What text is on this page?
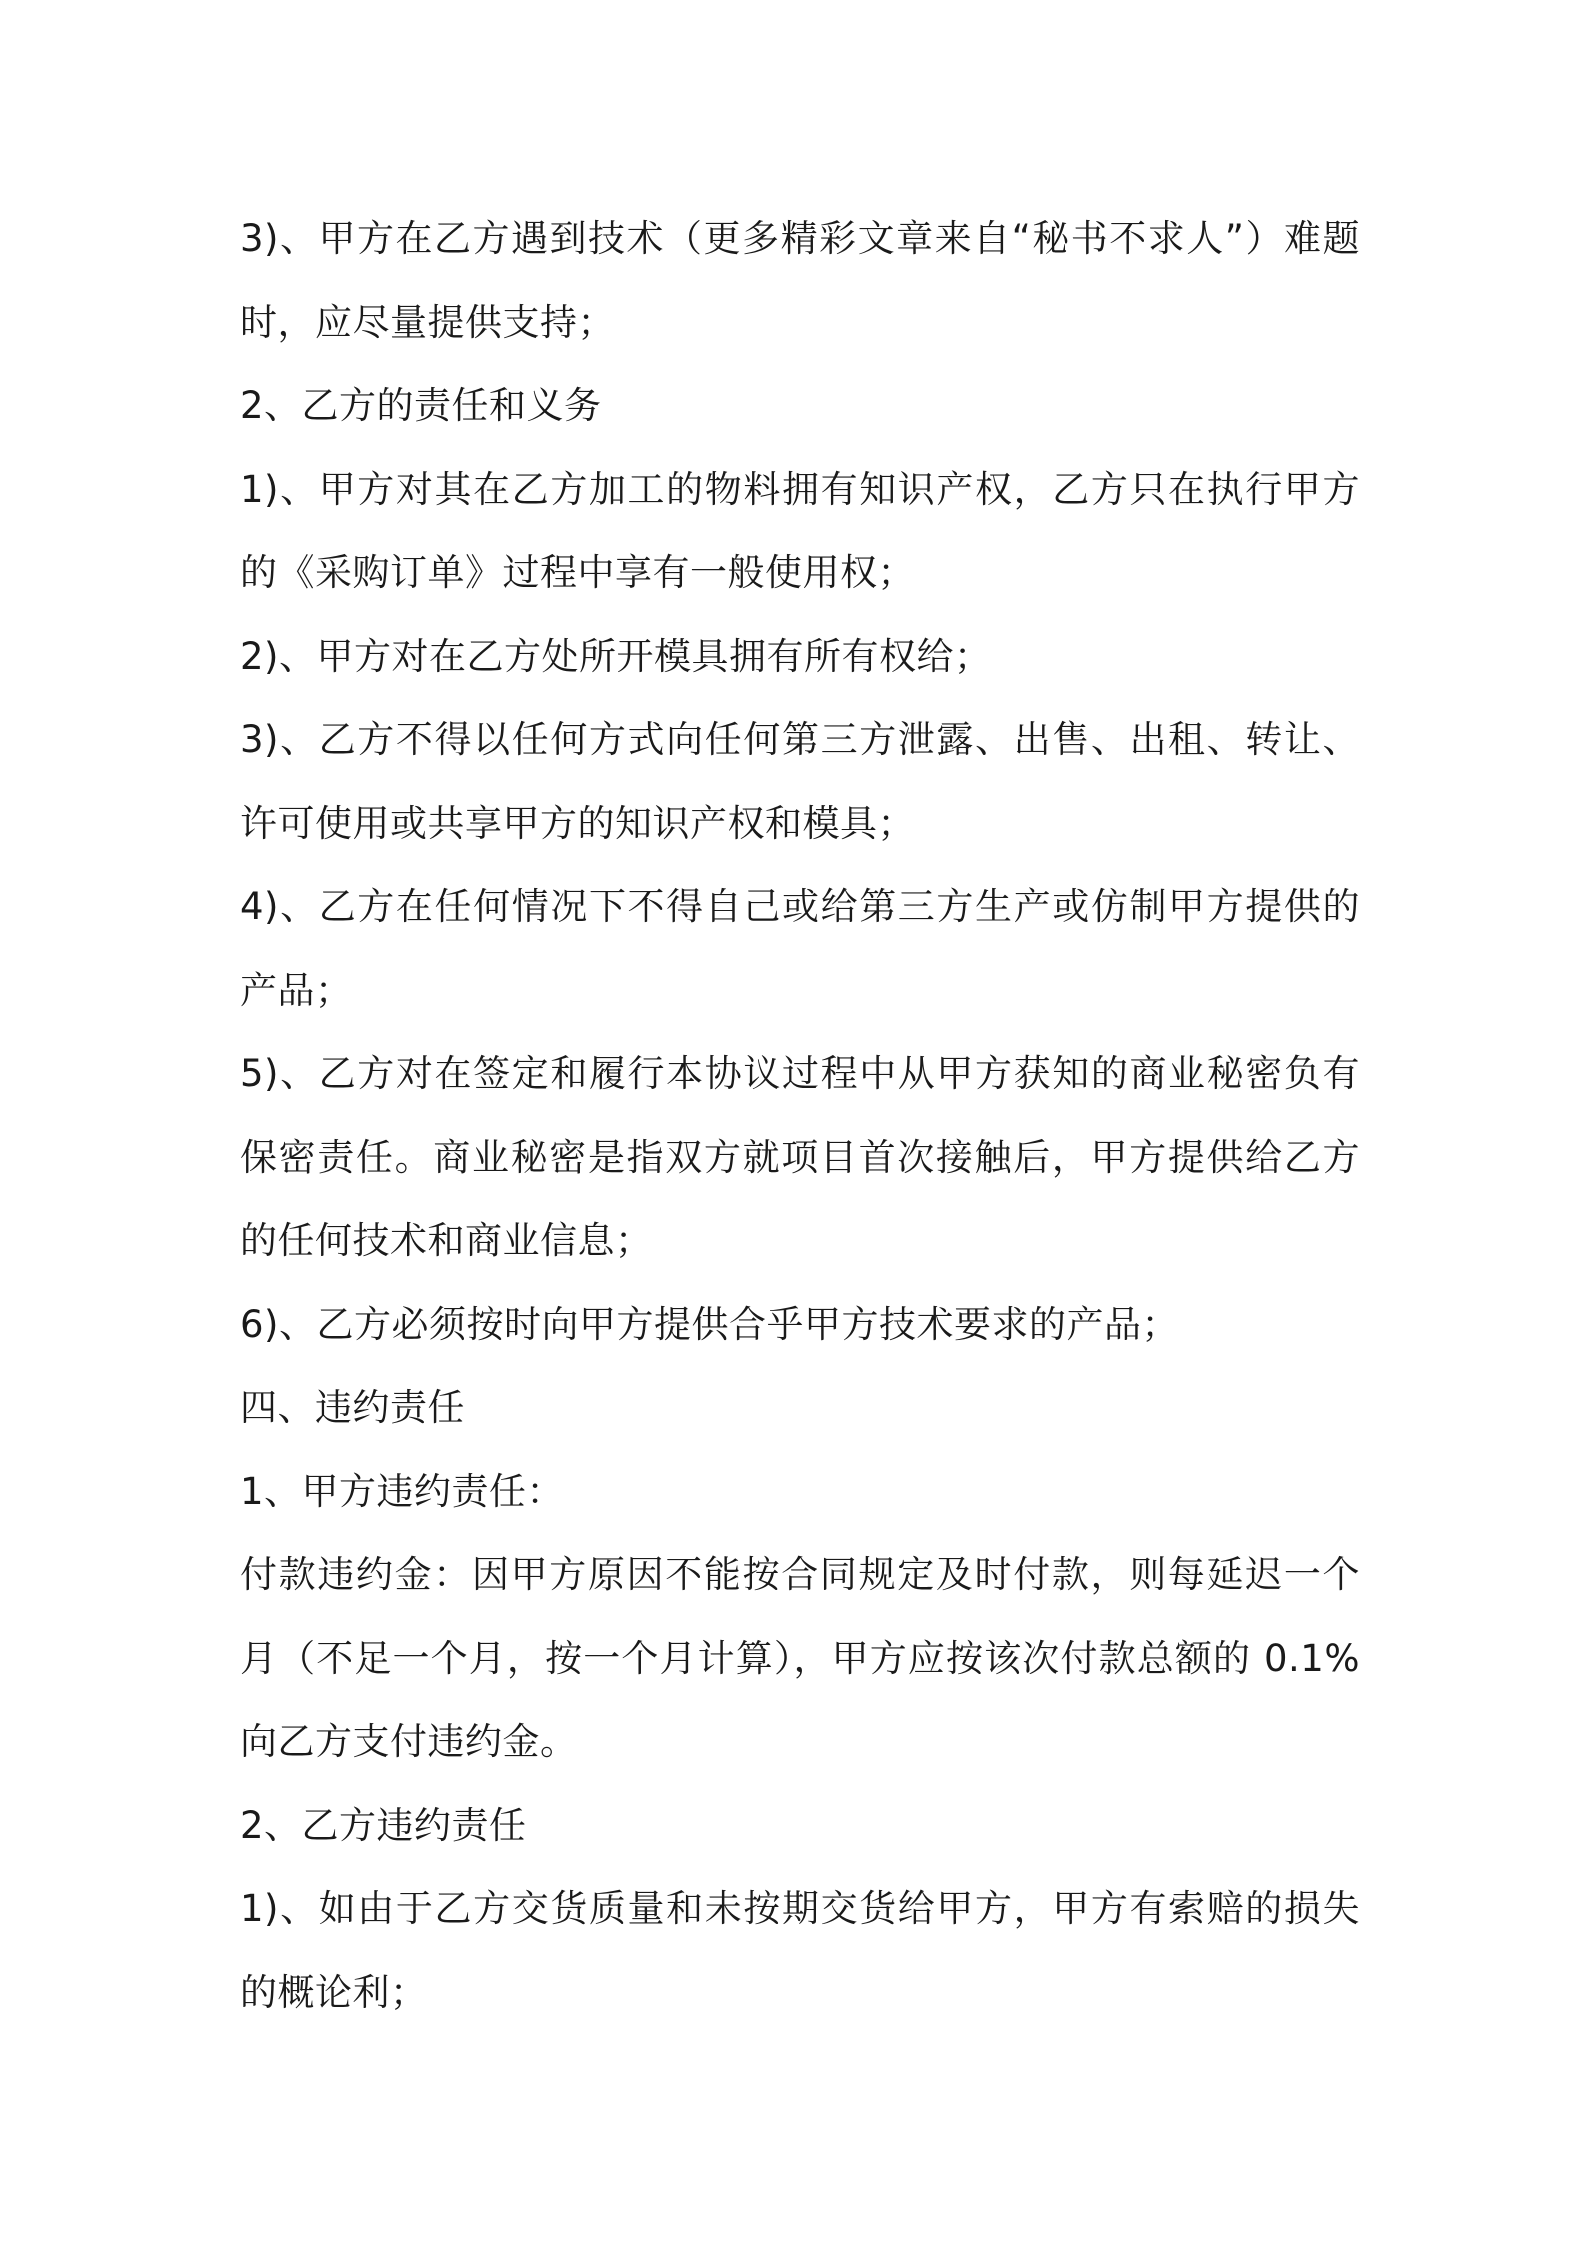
3)、甲方在乙方遇到技术（更多精彩文章来自“秘书不求人”）难题时，应尽量提供支持；

2、乙方的责任和义务

1)、甲方对其在乙方加工的物料拥有知识产权，乙方只在执行甲方的《采购订单》过程中享有一般使用权；

2)、甲方对在乙方处所开模具拥有所有权给；

3)、乙方不得以任何方式向任何第三方泄露、出售、出租、转让、许可使用或共享甲方的知识产权和模具；

4)、乙方在任何情况下不得自己或给第三方生产或仿制甲方提供的产品；

5)、乙方对在签定和履行本协议过程中从甲方获知的商业秘密负有保密责任。商业秘密是指双方就项目首次接触后，甲方提供给乙方的任何技术和商业信息；

6)、乙方必须按时向甲方提供合乎甲方技术要求的产品；

四、违约责任

1、甲方违约责任：

付款违约金：因甲方原因不能按合同规定及时付款，则每延迟一个月（不足一个月，按一个月计算），甲方应按该次付款总额的 0.1%向乙方支付违约金。

2、乙方违约责任

1)、如由于乙方交货质量和未按期交货给甲方，甲方有索赔的损失的概论利；
